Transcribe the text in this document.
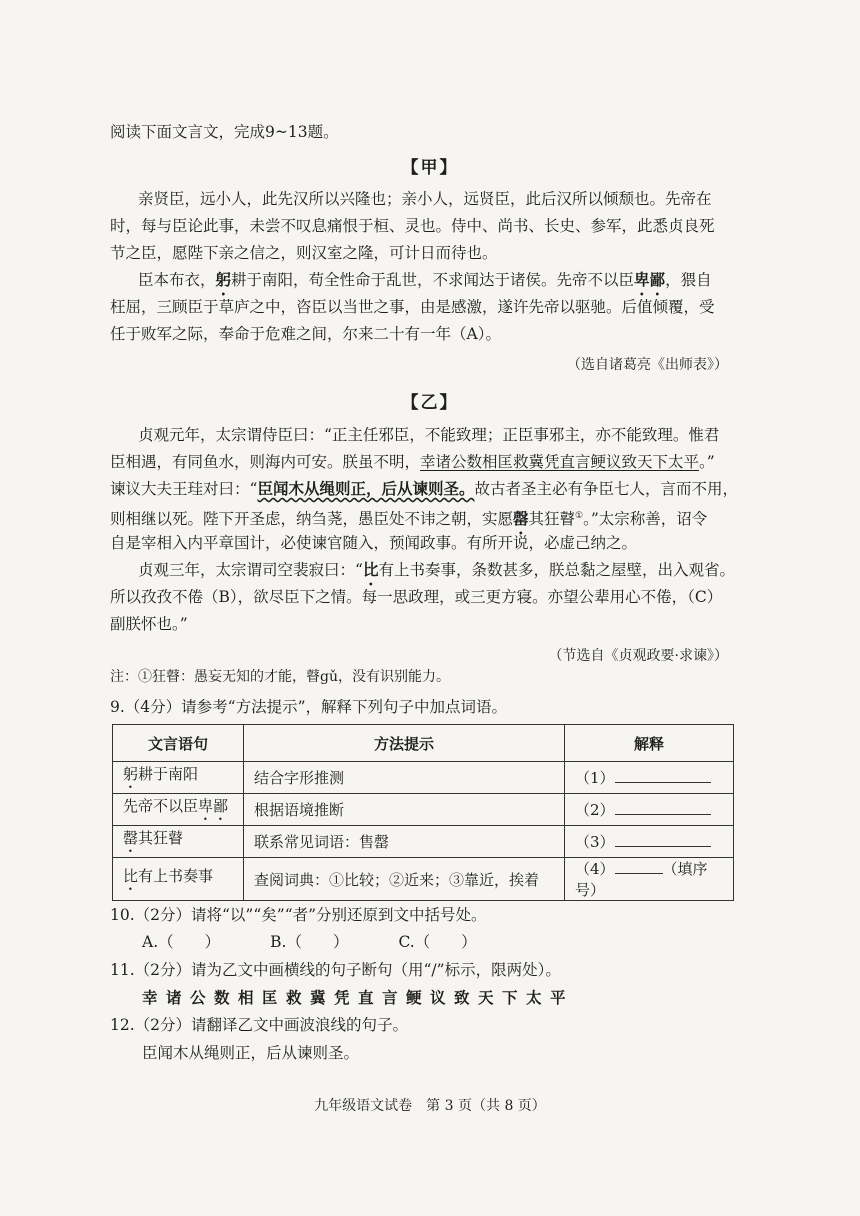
阅读下面文言文，完成9~13题。
【甲】
亲贤臣，远小人，此先汉所以兴隆也；亲小人，远贤臣，此后汉所以倾颓也。先帝在
时，每与臣论此事，未尝不叹息痛恨于桓、灵也。侍中、尚书、长史、参军，此悉贞良死
节之臣，愿陛下亲之信之，则汉室之隆，可计日而待也。
臣本布衣，躬耕于南阳，苟全性命于乱世，不求闻达于诸侯。先帝不以臣卑鄙，猥自
枉屈，三顾臣于草庐之中，咨臣以当世之事，由是感激，遂许先帝以驱驰。后值倾覆，受
任于败军之际，奉命于危难之间，尔来二十有一年（A）。
（选自诸葛亮《出师表》）
【乙】
贞观元年，太宗谓侍臣曰：“正主任邪臣，不能致理；正臣事邪主，亦不能致理。惟君
臣相遇，有同鱼水，则海内可安。朕虽不明，幸诸公数相匡救冀凭直言鲠议致天下太平。”
谏议大夫王珪对曰：“臣闻木从绳则正，后从谏则圣。故古者圣主必有争臣七人，言而不用，
则相继以死。陛下开圣虑，纳刍荛，愚臣处不讳之朝，实愿罄其狂瞽①。”太宗称善，诏令
自是宰相入内平章国计，必使谏官随入，预闻政事。有所开说，必虚己纳之。
贞观三年，太宗谓司空裴寂曰：“比有上书奏事，条数甚多，朕总黏之屋壁，出入观省。
所以孜孜不倦（B），欲尽臣下之情。每一思政理，或三更方寝。亦望公辈用心不倦，（C）
副朕怀也。”
（节选自《贞观政要·求谏》）
注：①狂瞽：愚妄无知的才能，瞽gǔ，没有识别能力。
9.（4分）请参考“方法提示”，解释下列句子中加点词语。
文言语句	方法提示	解释
躬耕于南阳	结合字形推测	（1）
先帝不以臣卑鄙	根据语境推断	（2）
罄其狂瞽	联系常见词语：售罄	（3）
比有上书奏事	查阅词典：①比较；②近来；③靠近，挨着	（4） （填序号）
10.（2分）请将“以”“矣”“者”分别还原到文中括号处。
A.（　　）	B.（　　）	C.（　　）
11.（2分）请为乙文中画横线的句子断句（用“/”标示，限两处）。
幸诸公数相匡救冀凭直言鲠议致天下太平
12.（2分）请翻译乙文中画波浪线的句子。
臣闻木从绳则正，后从谏则圣。
九年级语文试卷　第 3 页（共 8 页）
